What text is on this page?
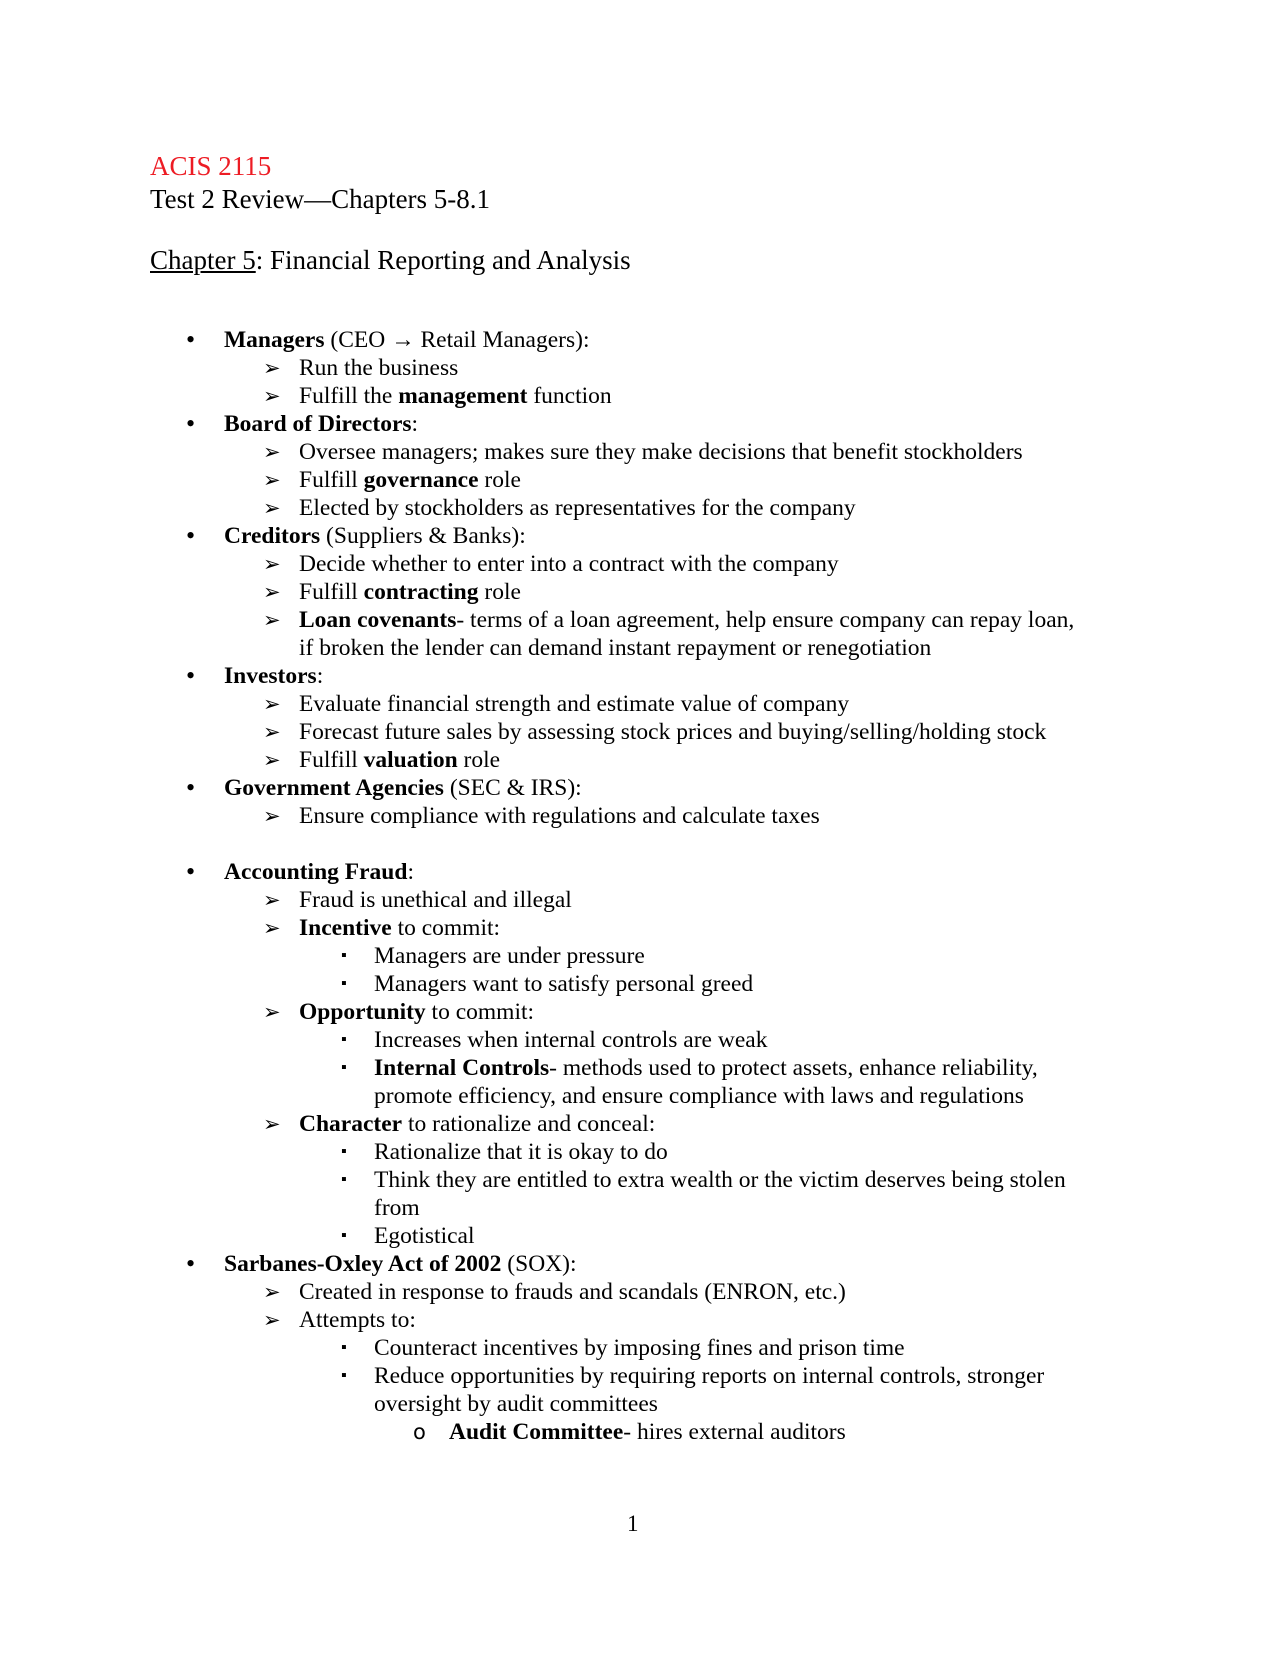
ACIS 2115
Test 2 Review—Chapters 5-8.1
Chapter 5: Financial Reporting and Analysis
• Managers (CEO → Retail Managers):
➢ Run the business
➢ Fulfill the management function
• Board of Directors:
➢ Oversee managers; makes sure they make decisions that benefit stockholders
➢ Fulfill governance role
➢ Elected by stockholders as representatives for the company
• Creditors (Suppliers & Banks):
➢ Decide whether to enter into a contract with the company
➢ Fulfill contracting role
➢ Loan covenants- terms of a loan agreement, help ensure company can repay loan,
if broken the lender can demand instant repayment or renegotiation
• Investors:
➢ Evaluate financial strength and estimate value of company
➢ Forecast future sales by assessing stock prices and buying/selling/holding stock
➢ Fulfill valuation role
• Government Agencies (SEC & IRS):
➢ Ensure compliance with regulations and calculate taxes
• Accounting Fraud:
➢ Fraud is unethical and illegal
➢ Incentive to commit:
▪ Managers are under pressure
▪ Managers want to satisfy personal greed
➢ Opportunity to commit:
▪ Increases when internal controls are weak
▪ Internal Controls- methods used to protect assets, enhance reliability,
promote efficiency, and ensure compliance with laws and regulations
➢ Character to rationalize and conceal:
▪ Rationalize that it is okay to do
▪ Think they are entitled to extra wealth or the victim deserves being stolen
from
▪ Egotistical
• Sarbanes-Oxley Act of 2002 (SOX):
➢ Created in response to frauds and scandals (ENRON, etc.)
➢ Attempts to:
▪ Counteract incentives by imposing fines and prison time
▪ Reduce opportunities by requiring reports on internal controls, stronger
oversight by audit committees
o Audit Committee- hires external auditors
1
